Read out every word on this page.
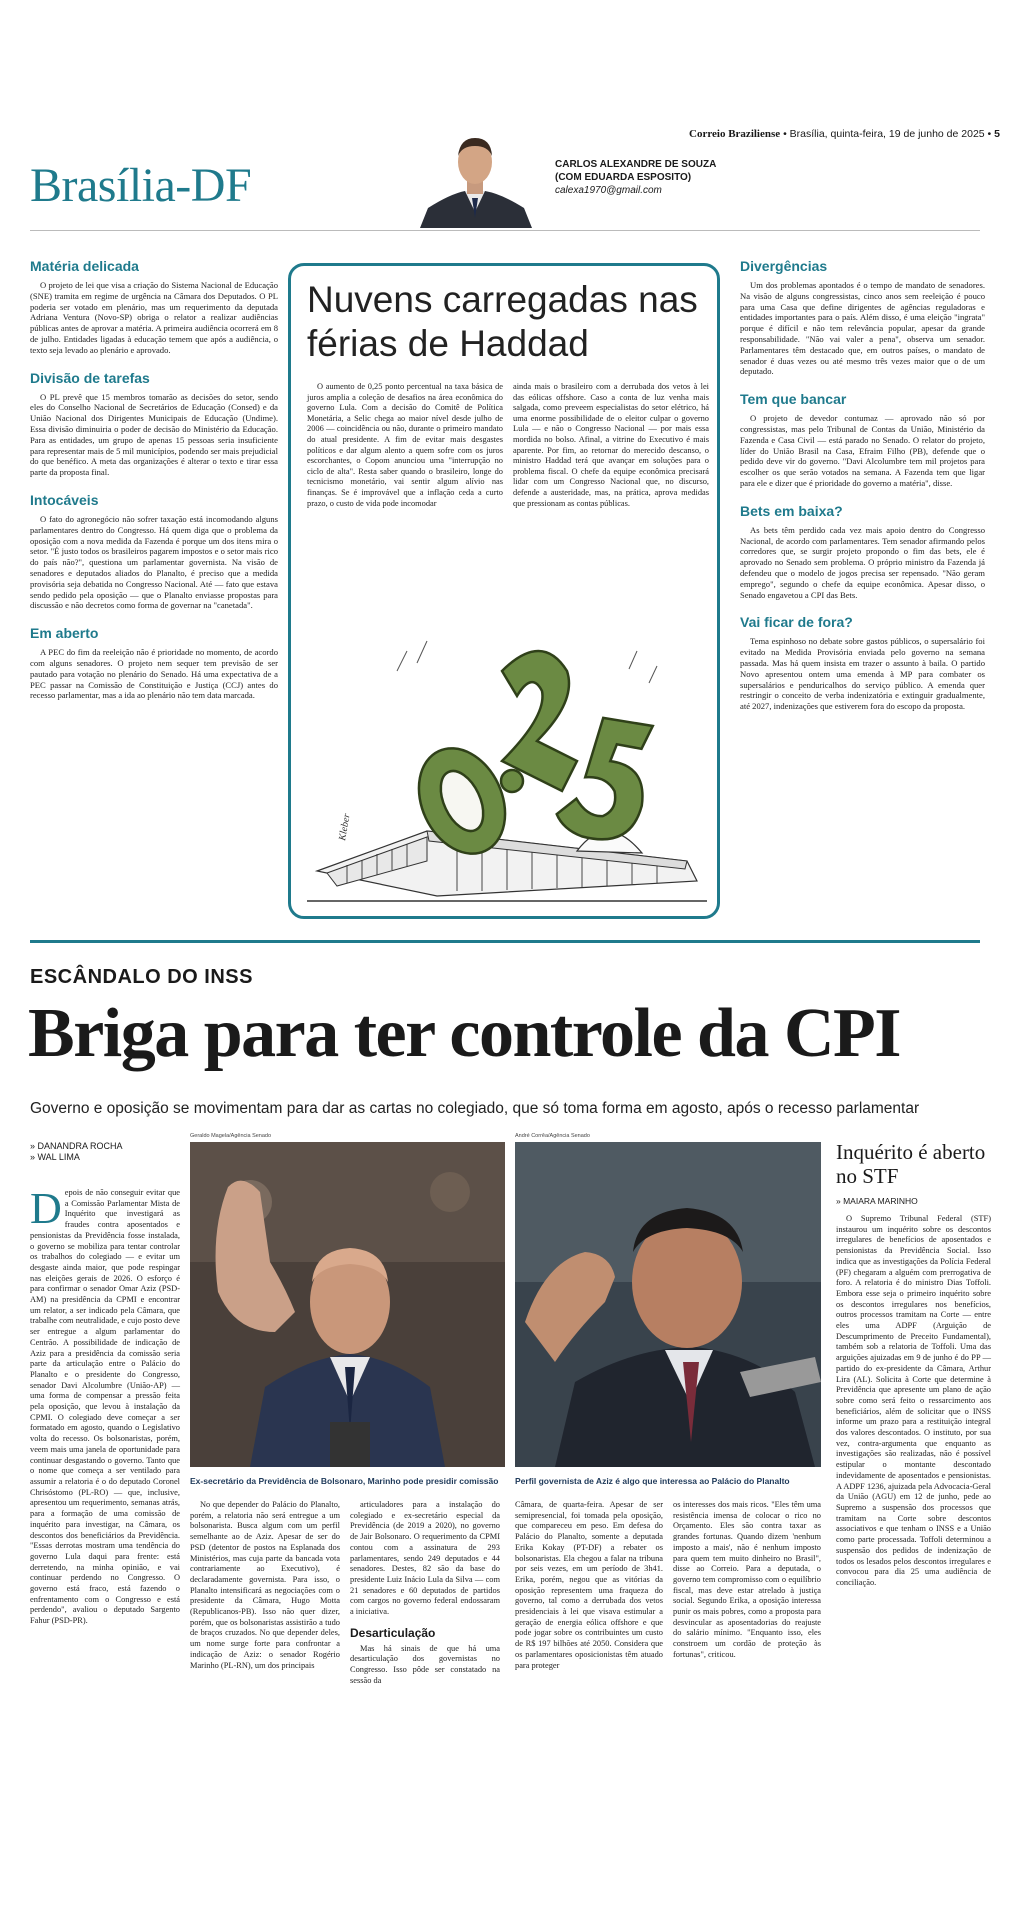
Correio Braziliense • Brasília, quinta-feira, 19 de junho de 2025 • 5
Brasília-DF	CARLOS ALEXANDRE DE SOUZA
(COM EDUARDA ESPOSITO)
calexa1970@gmail.com
Matéria delicada
O projeto de lei que visa a criação do Sistema Nacional de Educação (SNE) tramita em regime de urgência na Câmara dos Deputados. O PL poderia ser votado em plenário, mas um requerimento da deputada Adriana Ventura (Novo-SP) obriga o relator a realizar audiências públicas antes de aprovar a matéria. A primeira audiência ocorrerá em 8 de julho. Entidades ligadas à educação temem que após a audiência, o texto seja levado ao plenário e aprovado.
Divisão de tarefas
O PL prevê que 15 membros tomarão as decisões do setor, sendo eles do Conselho Nacional de Secretários de Educação (Consed) e da União Nacional dos Dirigentes Municipais de Educação (Undime). Essa divisão diminuiria o poder de decisão do Ministério da Educação. Para as entidades, um grupo de apenas 15 pessoas seria insuficiente para representar mais de 5 mil municípios, podendo ser mais prejudicial do que benéfico. A meta das organizações é alterar o texto e tirar essa parte da proposta final.
Intocáveis
O fato do agronegócio não sofrer taxação está incomodando alguns parlamentares dentro do Congresso. Há quem diga que o problema da oposição com a nova medida da Fazenda é porque um dos itens mira o setor. "É justo todos os brasileiros pagarem impostos e o setor mais rico do país não?", questiona um parlamentar governista. Na visão de senadores e deputados aliados do Planalto, é preciso que a medida provisória seja debatida no Congresso Nacional. Até — fato que estava sendo pedido pela oposição — que o Planalto enviasse propostas para discussão e não decretos como forma de governar na "canetada".
Em aberto
A PEC do fim da reeleição não é prioridade no momento, de acordo com alguns senadores. O projeto nem sequer tem previsão de ser pautado para votação no plenário do Senado. Há uma expectativa de a PEC passar na Comissão de Constituição e Justiça (CCJ) antes do recesso parlamentar, mas a ida ao plenário não tem data marcada.
Nuvens carregadas nas férias de Haddad
O aumento de 0,25 ponto percentual na taxa básica de juros amplia a coleção de desafios na área econômica do governo Lula. Com a decisão do Comitê de Política Monetária, a Selic chega ao maior nível desde julho de 2006 — coincidência ou não, durante o primeiro mandato do atual presidente. A fim de evitar mais desgastes políticos e dar algum alento a quem sofre com os juros escorchantes, o Copom anunciou uma "interrupção no ciclo de alta". Resta saber quando o brasileiro, longe do tecnicismo monetário, vai sentir algum alívio nas finanças. Se é improvável que a inflação ceda a curto prazo, o custo de vida pode incomodar
ainda mais o brasileiro com a derrubada dos vetos à lei das eólicas offshore. Caso a conta de luz venha mais salgada, como preveem especialistas do setor elétrico, há uma enorme possibilidade de o eleitor culpar o governo Lula — e não o Congresso Nacional — por mais essa mordida no bolso. Afinal, a vitrine do Executivo é mais aparente. Por fim, ao retornar do merecido descanso, o ministro Haddad terá que avançar em soluções para o problema fiscal. O chefe da equipe econômica precisará lidar com um Congresso Nacional que, no discurso, defende a austeridade, mas, na prática, aprova medidas que pressionam as contas públicas.
Kleber
Divergências
Um dos problemas apontados é o tempo de mandato de senadores. Na visão de alguns congressistas, cinco anos sem reeleição é pouco para uma Casa que define dirigentes de agências reguladoras e entidades importantes para o país. Além disso, é uma eleição "ingrata" porque é difícil e não tem relevância popular, apesar da grande responsabilidade. "Não vai valer a pena", observa um senador. Parlamentares têm destacado que, em outros países, o mandato de senador é duas vezes ou até mesmo três vezes maior que o de um deputado.
Tem que bancar
O projeto de devedor contumaz — aprovado não só por congressistas, mas pelo Tribunal de Contas da União, Ministério da Fazenda e Casa Civil — está parado no Senado. O relator do projeto, líder do União Brasil na Casa, Efraim Filho (PB), defende que o pedido deve vir do governo. "Davi Alcolumbre tem mil projetos para escolher os que serão votados na semana. A Fazenda tem que ligar para ele e dizer que é prioridade do governo a matéria", disse.
Bets em baixa?
As bets têm perdido cada vez mais apoio dentro do Congresso Nacional, de acordo com parlamentares. Tem senador afirmando pelos corredores que, se surgir projeto propondo o fim das bets, ele é aprovado no Senado sem problema. O próprio ministro da Fazenda já defendeu que o modelo de jogos precisa ser repensado. "Não geram emprego", segundo o chefe da equipe econômica. Apesar disso, o Senado engavetou a CPI das Bets.
Vai ficar de fora?
Tema espinhoso no debate sobre gastos públicos, o supersalário foi evitado na Medida Provisória enviada pelo governo na semana passada. Mas há quem insista em trazer o assunto à baila. O partido Novo apresentou ontem uma emenda à MP para combater os supersalários e penduricalhos do serviço público. A emenda quer restringir o conceito de verba indenizatória e extinguir gradualmente, até 2027, indenizações que estiverem fora do escopo da proposta.
ESCÂNDALO DO INSS
Briga para ter controle da CPI
Governo e oposição se movimentam para dar as cartas no colegiado, que só toma forma em agosto, após o recesso parlamentar
» DANANDRA ROCHA
» WAL LIMA
Geraldo Magela/Agência Senado
Ex-secretário da Previdência de Bolsonaro, Marinho pode presidir comissão
André Corrêa/Agência Senado
Perfil governista de Aziz é algo que interessa ao Palácio do Planalto
D epois de não conseguir evitar que a Comissão Parlamentar Mista de Inquérito que investigará as fraudes contra aposentados e pensionistas da Previdência fosse instalada, o governo se mobiliza para tentar controlar os trabalhos do colegiado — e evitar um desgaste ainda maior, que pode respingar nas eleições gerais de 2026. O esforço é para confirmar o senador Omar Aziz (PSD-AM) na presidência da CPMI e encontrar um relator, a ser indicado pela Câmara, que trabalhe com neutralidade, e cujo posto deve ser entregue a algum parlamentar do Centrão. A possibilidade de indicação de Aziz para a presidência da comissão seria parte da articulação entre o Palácio do Planalto e o presidente do Congresso, senador Davi Alcolumbre (União-AP) — uma forma de compensar a pressão feita pela oposição, que levou à instalação da CPMI. O colegiado deve começar a ser formatado em agosto, quando o Legislativo volta do recesso. Os bolsonaristas, porém, veem mais uma janela de oportunidade para continuar desgastando o governo. Tanto que o nome que começa a ser ventilado para assumir a relatoria é o do deputado Coronel Chrisóstomo (PL-RO) — que, inclusive, apresentou um requerimento, semanas atrás, para a formação de uma comissão de inquérito para investigar, na Câmara, os descontos dos beneficiários da Previdência. "Essas derrotas mostram uma tendência do governo Lula daqui para frente: está derretendo, na minha opinião, e vai continuar perdendo no Congresso. O governo está fraco, está fazendo o enfrentamento com o Congresso e está perdendo", avaliou o deputado Sargento Fahur (PSD-PR).
No que depender do Palácio do Planalto, porém, a relatoria não será entregue a um bolsonarista. Busca algum com um perfil semelhante ao de Aziz. Apesar de ser do PSD (detentor de postos na Esplanada dos Ministérios, mas cuja parte da bancada vota contrariamente ao Executivo), é declaradamente governista. Para isso, o Planalto intensificará as negociações com o presidente da Câmara, Hugo Motta (Republicanos-PB). Isso não quer dizer, porém, que os bolsonaristas assistirão a tudo de braços cruzados. No que depender deles, um nome surge forte para confrontar a indicação de Aziz: o senador Rogério Marinho (PL-RN), um dos principais
articuladores para a instalação do colegiado e ex-secretário especial da Previdência (de 2019 a 2020), no governo de Jair Bolsonaro. O requerimento da CPMI contou com a assinatura de 293 parlamentares, sendo 249 deputados e 44 senadores. Destes, 82 são da base do presidente Luiz Inácio Lula da Silva — com 21 senadores e 60 deputados de partidos com cargos no governo federal endossaram a iniciativa.
Desarticulação
Mas há sinais de que há uma desarticulação dos governistas no Congresso. Isso pôde ser constatado na sessão da
Câmara, de quarta-feira. Apesar de ser semipresencial, foi tomada pela oposição, que compareceu em peso. Em defesa do Palácio do Planalto, somente a deputada Erika Kokay (PT-DF) a rebater os bolsonaristas. Ela chegou a falar na tribuna por seis vezes, em um período de 3h41. Erika, porém, negou que as vitórias da oposição representem uma fraqueza do governo, tal como a derrubada dos vetos presidenciais à lei que visava estimular a geração de energia eólica offshore e que pode jogar sobre os contribuintes um custo de R$ 197 bilhões até 2050. Considera que os parlamentares oposicionistas têm atuado para proteger
os interesses dos mais ricos. "Eles têm uma resistência imensa de colocar o rico no Orçamento. Eles são contra taxar as grandes fortunas. Quando dizem 'nenhum imposto a mais', não é nenhum imposto para quem tem muito dinheiro no Brasil", disse ao Correio. Para a deputada, o governo tem compromisso com o equilíbrio fiscal, mas deve estar atrelado à justiça social. Segundo Erika, a oposição interessa punir os mais pobres, como a proposta para desvincular as aposentadorias do reajuste do salário mínimo. "Enquanto isso, eles constroem um cordão de proteção às fortunas", criticou.
Inquérito é aberto no STF
» MAIARA MARINHO
O Supremo Tribunal Federal (STF) instaurou um inquérito sobre os descontos irregulares de benefícios de aposentados e pensionistas da Previdência Social. Isso indica que as investigações da Polícia Federal (PF) chegaram a alguém com prerrogativa de foro. A relatoria é do ministro Dias Toffoli. Embora esse seja o primeiro inquérito sobre os descontos irregulares nos benefícios, outros processos tramitam na Corte — entre eles uma ADPF (Arguição de Descumprimento de Preceito Fundamental), também sob a relatoria de Toffoli. Uma das arguições ajuizadas em 9 de junho é do PP — partido do ex-presidente da Câmara, Arthur Lira (AL). Solicita à Corte que determine à Previdência que apresente um plano de ação sobre como será feito o ressarcimento aos beneficiários, além de solicitar que o INSS informe um prazo para a restituição integral dos valores descontados. O instituto, por sua vez, contra-argumenta que enquanto as investigações são realizadas, não é possível estipular o montante descontado indevidamente de aposentados e pensionistas. A ADPF 1236, ajuizada pela Advocacia-Geral da União (AGU) em 12 de junho, pede ao Supremo a suspensão dos processos que tramitam na Corte sobre descontos associativos e que tenham o INSS e a União como parte processada. Toffoli determinou a suspensão dos pedidos de indenização de todos os lesados pelos descontos irregulares e convocou para dia 25 uma audiência de conciliação.
